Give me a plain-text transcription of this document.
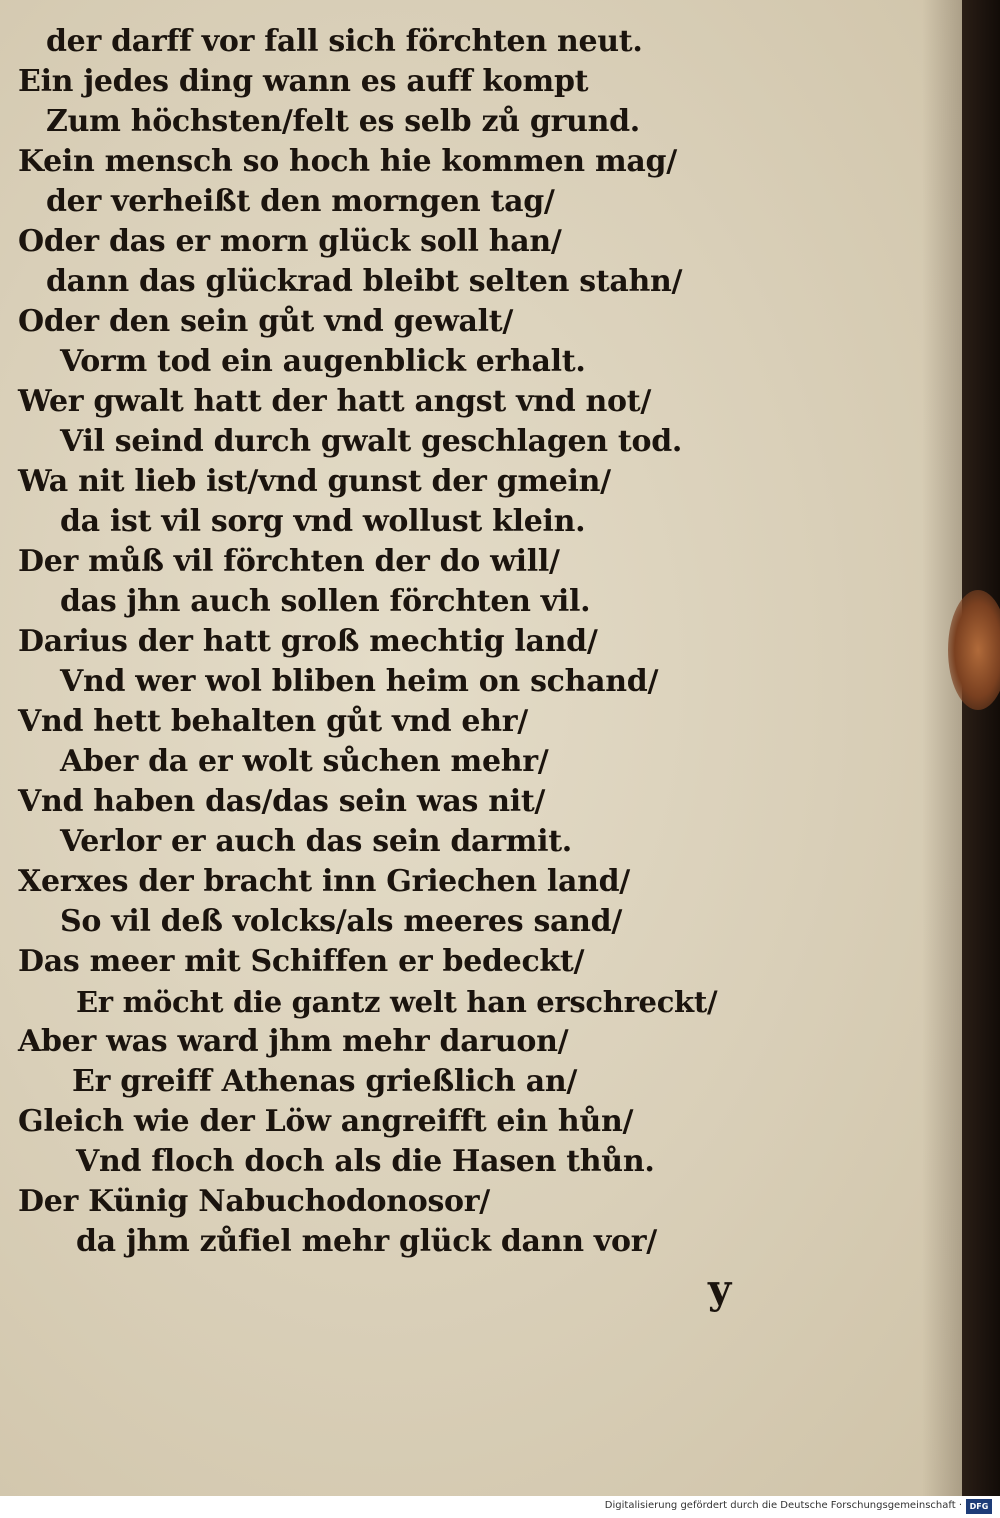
der darff vor fall sich förchten neut.
Ein jedes ding wann es auff kompt
Zum höchsten/felt es selb zů grund.
Kein mensch so hoch hie kommen mag/
der verheißt den morngen tag/
Oder das er morn glück soll han/
dann das glückrad bleibt selten stahn/
Oder den sein gůt vnd gewalt/
Vorm tod ein augenblick erhalt.
Wer gwalt hatt der hatt angst vnd not/
Vil seind durch gwalt geschlagen tod.
Wa nit lieb ist/vnd gunst der gmein/
da ist vil sorg vnd wollust klein.
Der můß vil förchten der do will/
das jhn auch sollen förchten vil.
Darius der hatt groß mechtig land/
Vnd wer wol bliben heim on schand/
Vnd hett behalten gůt vnd ehr/
Aber da er wolt sůchen mehr/
Vnd haben das/das sein was nit/
Verlor er auch das sein darmit.
Xerxes der bracht inn Griechen land/
So vil deß volcks/als meeres sand/
Das meer mit Schiffen er bedeckt/
Er möcht die gantz welt han erschreckt/
Aber was ward jhm mehr daruon/
Er greiff Athenas grießlich an/
Gleich wie der Löw angreifft ein hůn/
Vnd floch doch als die Hasen thůn.
Der Künig Nabuchodonosor/
da jhm zůfiel mehr glück dann vor/
y
Digitalisierung gefördert durch die Deutsche Forschungsgemeinschaft · DFG
